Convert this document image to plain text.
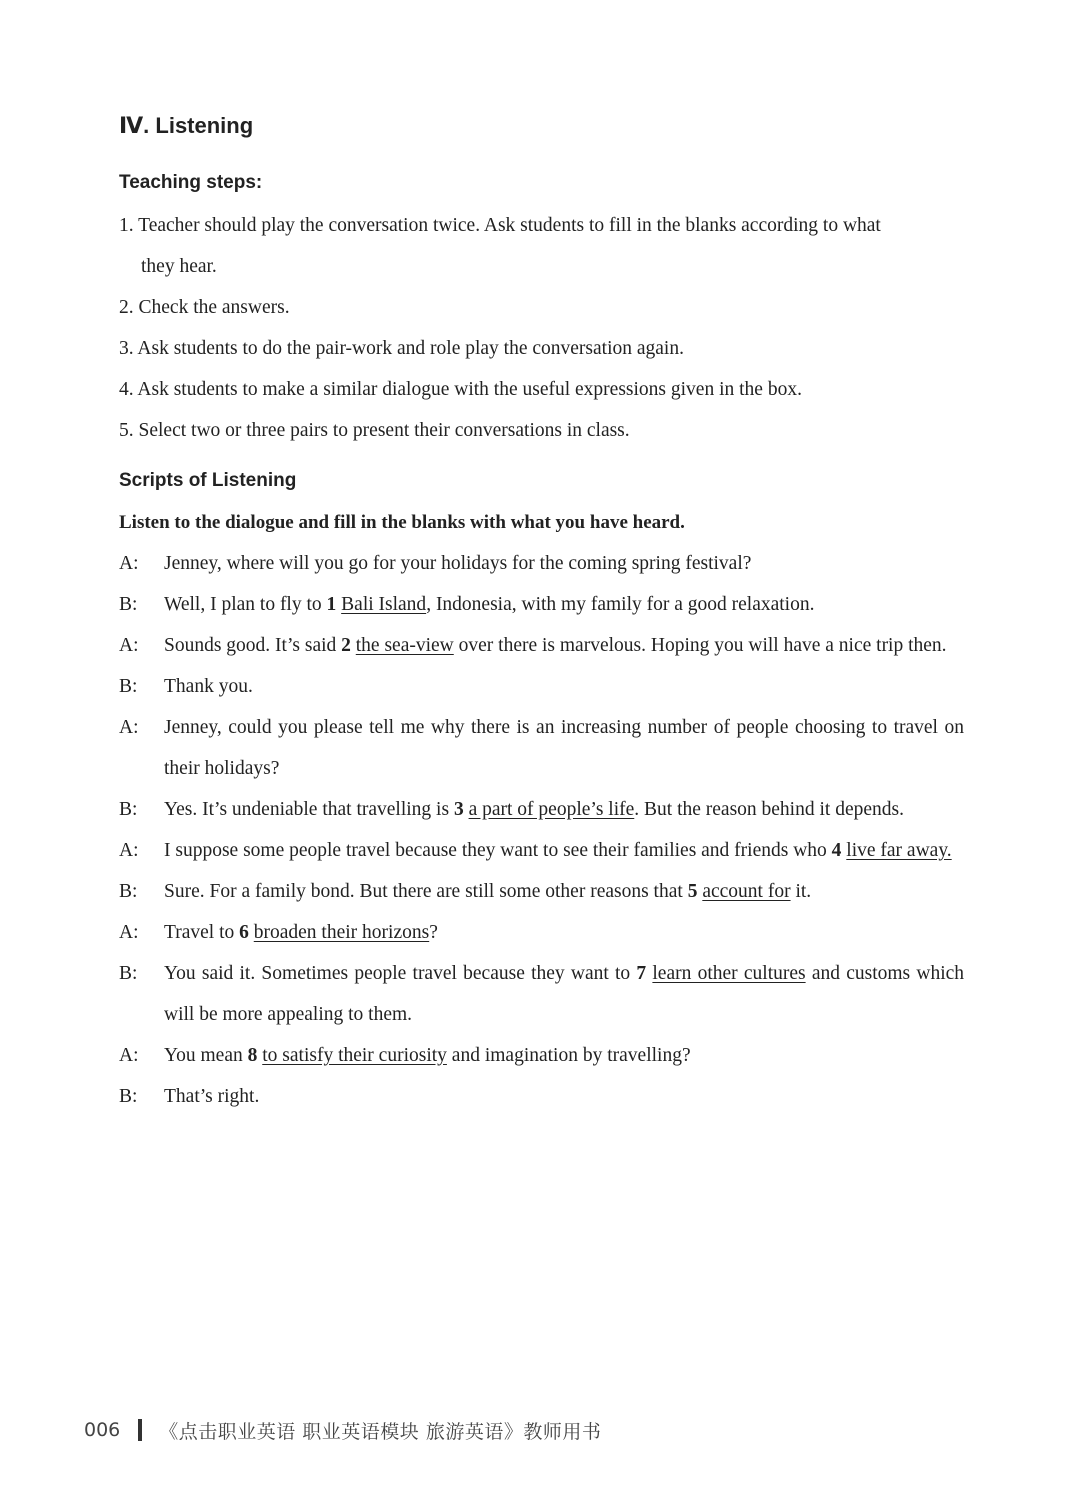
Ⅳ. Listening
Teaching steps:
1. Teacher should play the conversation twice. Ask students to fill in the blanks according to what
they hear.
2. Check the answers.
3. Ask students to do the pair-work and role play the conversation again.
4. Ask students to make a similar dialogue with the useful expressions given in the box.
5. Select two or three pairs to present their conversations in class.
Scripts of Listening
Listen to the dialogue and fill in the blanks with what you have heard.
A:	Jenney, where will you go for your holidays for the coming spring festival?
B:	Well, I plan to fly to 1 Bali Island, Indonesia, with my family for a good relaxation.
A:	Sounds good. It’s said 2 the sea-view over there is marvelous. Hoping you will have a nice trip then.
B:	Thank you.
A:	Jenney, could you please tell me why there is an increasing number of people choosing to travel on their holidays?
B:	Yes. It’s undeniable that travelling is 3 a part of people’s life. But the reason behind it depends.
A:	I suppose some people travel because they want to see their families and friends who 4 live far away.
B:	Sure. For a family bond. But there are still some other reasons that 5 account for it.
A:	Travel to 6 broaden their horizons?
B:	You said it. Sometimes people travel because they want to 7 learn other cultures and customs which will be more appealing to them.
A:	You mean 8 to satisfy their curiosity and imagination by travelling?
B:	That’s right.
006 《点击职业英语 职业英语模块 旅游英语》教师用书
